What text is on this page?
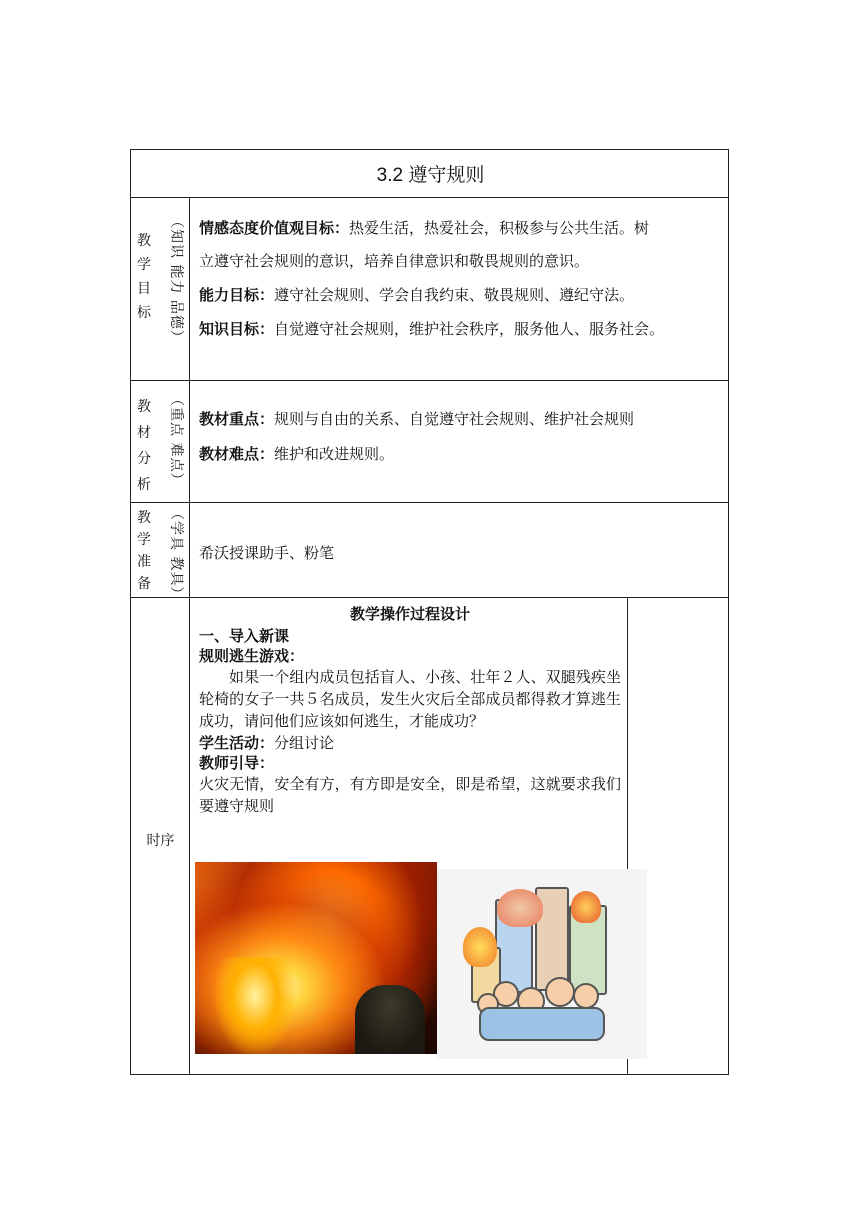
3.2 遵守规则
教
学
目
标 （知识 能力 品德） 情感态度价值观目标：热爱生活，热爱社会，积极参与公共生活。树

立遵守社会规则的意识，培养自律意识和敬畏规则的意识。

能力目标：遵守社会规则、学会自我约束、敬畏规则、遵纪守法。

知识目标：自觉遵守社会规则，维护社会秩序，服务他人、服务社会。

教
材
分
析 （重点 难点） 教材重点：规则与自由的关系、自觉遵守社会规则、维护社会规则

教材难点：维护和改进规则。

教
学
准
备 （学具 教具） 希沃授课助手、粉笔
时序

教学操作过程设计

一、导入新课

规则逃生游戏：

如果一个组内成员包括盲人、小孩、壮年２人、双腿残疾坐轮椅的女子一共５名成员，发生火灾后全部成员都得救才算逃生成功，请问他们应该如何逃生，才能成功？

学生活动：分组讨论

教师引导：

火灾无情，安全有方，有方即是安全，即是希望，这就要求我们要遵守规则
